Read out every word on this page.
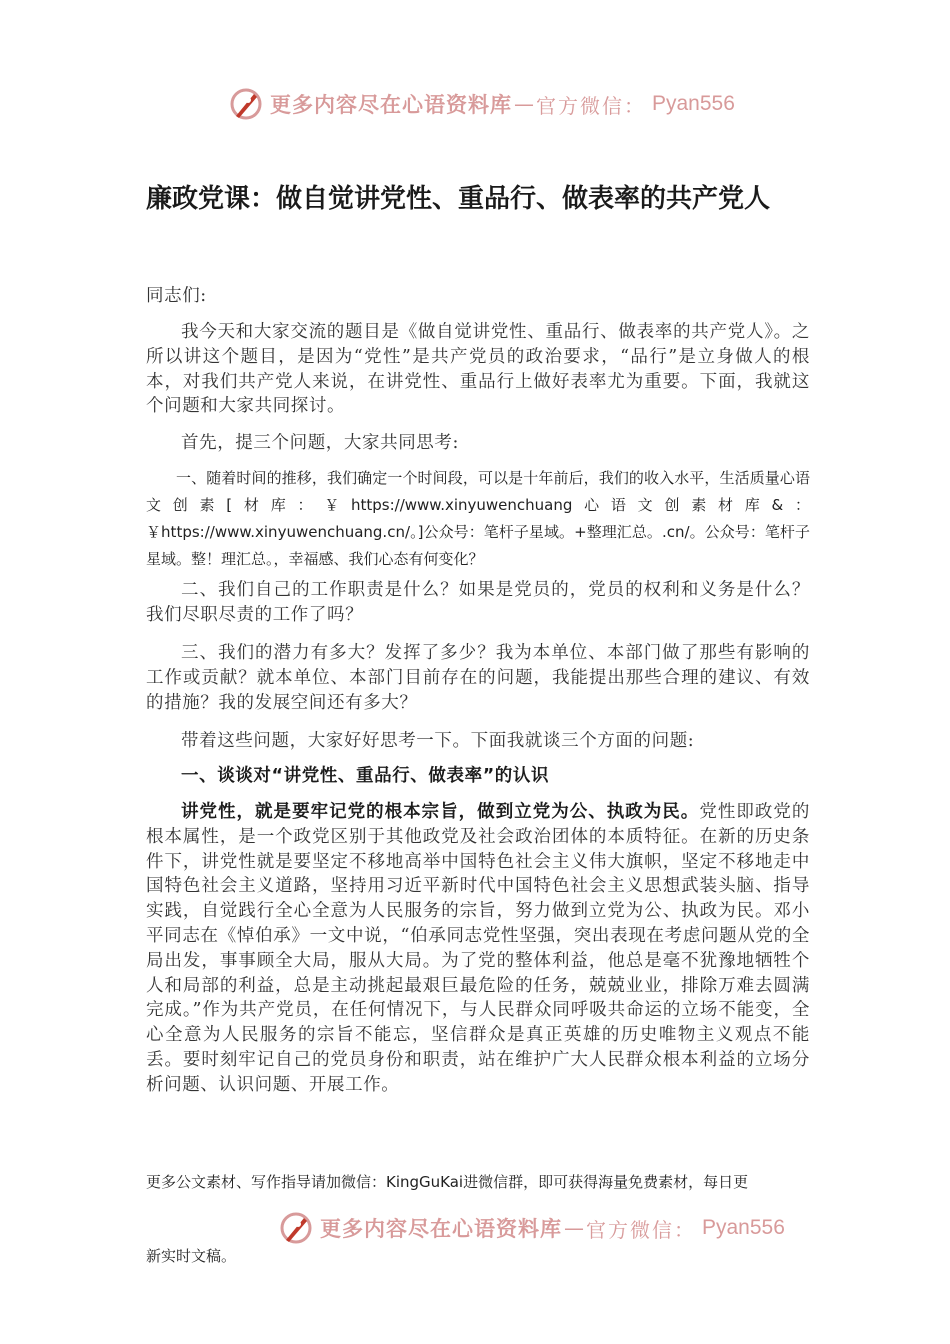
更多内容尽在心语资料库 — 官方微信： Pyan556
廉政党课：做自觉讲党性、重品行、做表率的共产党人

同志们:

我今天和大家交流的题目是《做自觉讲党性、重品行、做表率的共产党人》。之所以讲这个题目，是因为“党性”是共产党员的政治要求，“品行”是立身做人的根本，对我们共产党人来说，在讲党性、重品行上做好表率尤为重要。下面，我就这个问题和大家共同探讨。

首先，提三个问题，大家共同思考:

一、随着时间的推移，我们确定一个时间段，可以是十年前后，我们的收入水平，生活质量心语文创素[材库：￥https://www.xinyuwenchuang心语文创素材库&：￥https://www.xinyuwenchuang.cn/。]公众号：笔杆子星域。+整理汇总。.cn/。公众号：笔杆子星域。整！理汇总。，幸福感、我们心态有何变化？

二、我们自己的工作职责是什么？如果是党员的，党员的权利和义务是什么？我们尽职尽责的工作了吗？

三、我们的潜力有多大？发挥了多少？我为本单位、本部门做了那些有影响的工作或贡献？就本单位、本部门目前存在的问题，我能提出那些合理的建议、有效的措施？我的发展空间还有多大？

带着这些问题，大家好好思考一下。下面我就谈三个方面的问题:

一、谈谈对“讲党性、重品行、做表率”的认识

讲党性，就是要牢记党的根本宗旨，做到立党为公、执政为民。党性即政党的根本属性，是一个政党区别于其他政党及社会政治团体的本质特征。在新的历史条件下，讲党性就是要坚定不移地高举中国特色社会主义伟大旗帜，坚定不移地走中国特色社会主义道路，坚持用习近平新时代中国特色社会主义思想武装头脑、指导实践，自觉践行全心全意为人民服务的宗旨，努力做到立党为公、执政为民。邓小平同志在《悼伯承》一文中说，“伯承同志党性坚强，突出表现在考虑问题从党的全局出发，事事顾全大局，服从大局。为了党的整体利益，他总是毫不犹豫地牺牲个人和局部的利益，总是主动挑起最艰巨最危险的任务，兢兢业业，排除万难去圆满完成。”作为共产党员，在任何情况下，与人民群众同呼吸共命运的立场不能变，全心全意为人民服务的宗旨不能忘，坚信群众是真正英雄的历史唯物主义观点不能丢。要时刻牢记自己的党员身份和职责，站在维护广大人民群众根本利益的立场分析问题、认识问题、开展工作。

更多公文素材、写作指导请加微信：KingGuKai进微信群，即可获得海量免费素材，每日更

更多内容尽在心语资料库 — 官方微信： Pyan556

新实时文稿。
